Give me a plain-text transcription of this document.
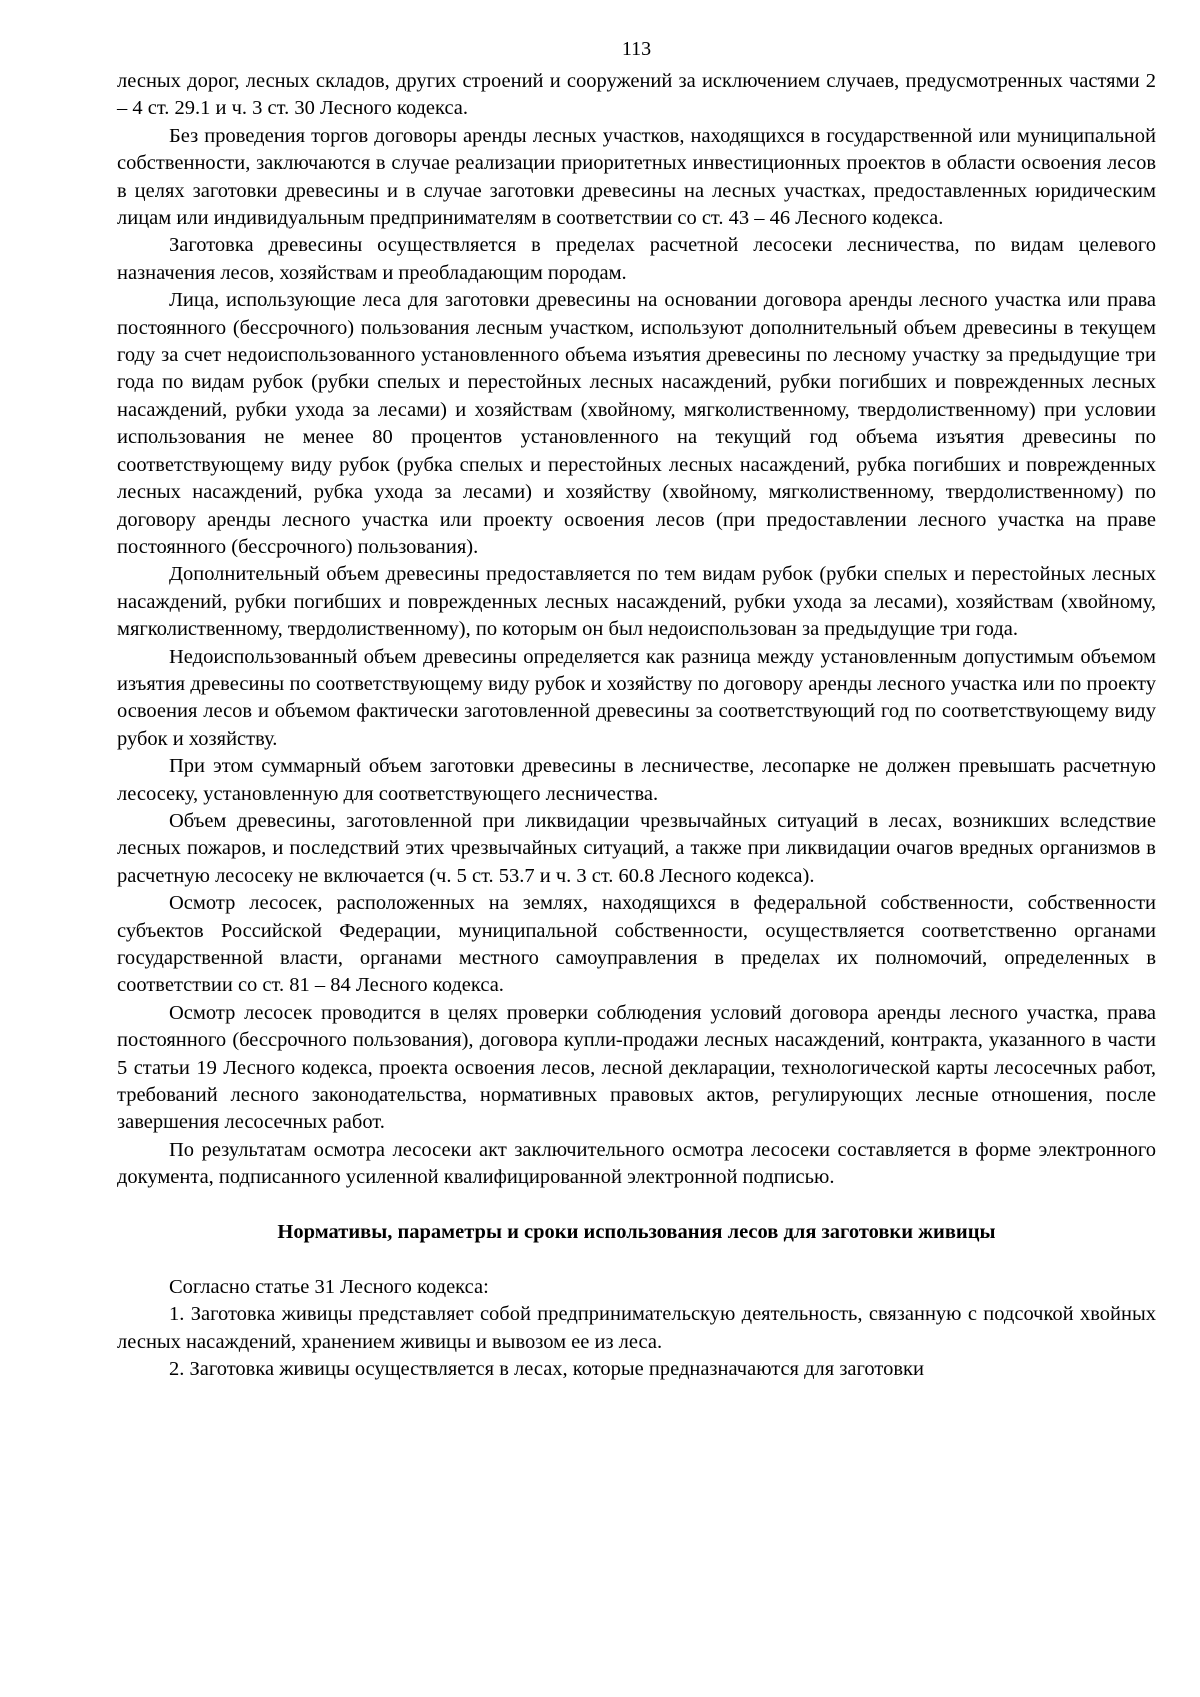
113

лесных дорог, лесных складов, других строений и сооружений за исключением случаев, предусмотренных частями 2 – 4 ст. 29.1 и ч. 3 ст. 30 Лесного кодекса.

Без проведения торгов договоры аренды лесных участков, находящихся в государственной или муниципальной собственности, заключаются в случае реализации приоритетных инвестиционных проектов в области освоения лесов в целях заготовки древесины и в случае заготовки древесины на лесных участках, предоставленных юридическим лицам или индивидуальным предпринимателям в соответствии со ст. 43 – 46 Лесного кодекса.

Заготовка древесины осуществляется в пределах расчетной лесосеки лесничества, по видам целевого назначения лесов, хозяйствам и преобладающим породам.

Лица, использующие леса для заготовки древесины на основании договора аренды лесного участка или права постоянного (бессрочного) пользования лесным участком, используют дополнительный объем древесины в текущем году за счет недоиспользованного установленного объема изъятия древесины по лесному участку за предыдущие три года по видам рубок (рубки спелых и перестойных лесных насаждений, рубки погибших и поврежденных лесных насаждений, рубки ухода за лесами) и хозяйствам (хвойному, мягколиственному, твердолиственному) при условии использования не менее 80 процентов установленного на текущий год объема изъятия древесины по соответствующему виду рубок (рубка спелых и перестойных лесных насаждений, рубка погибших и поврежденных лесных насаждений, рубка ухода за лесами) и хозяйству (хвойному, мягколиственному, твердолиственному) по договору аренды лесного участка или проекту освоения лесов (при предоставлении лесного участка на праве постоянного (бессрочного) пользования).

Дополнительный объем древесины предоставляется по тем видам рубок (рубки спелых и перестойных лесных насаждений, рубки погибших и поврежденных лесных насаждений, рубки ухода за лесами), хозяйствам (хвойному, мягколиственному, твердолиственному), по которым он был недоиспользован за предыдущие три года.

Недоиспользованный объем древесины определяется как разница между установленным допустимым объемом изъятия древесины по соответствующему виду рубок и хозяйству по договору аренды лесного участка или по проекту освоения лесов и объемом фактически заготовленной древесины за соответствующий год по соответствующему виду рубок и хозяйству.

При этом суммарный объем заготовки древесины в лесничестве, лесопарке не должен превышать расчетную лесосеку, установленную для соответствующего лесничества.

Объем древесины, заготовленной при ликвидации чрезвычайных ситуаций в лесах, возникших вследствие лесных пожаров, и последствий этих чрезвычайных ситуаций, а также при ликвидации очагов вредных организмов в расчетную лесосеку не включается (ч. 5 ст. 53.7 и ч. 3 ст. 60.8 Лесного кодекса).

Осмотр лесосек, расположенных на землях, находящихся в федеральной собственности, собственности субъектов Российской Федерации, муниципальной собственности, осуществляется соответственно органами государственной власти, органами местного самоуправления в пределах их полномочий, определенных в соответствии со ст. 81 – 84 Лесного кодекса.

Осмотр лесосек проводится в целях проверки соблюдения условий договора аренды лесного участка, права постоянного (бессрочного пользования), договора купли-продажи лесных насаждений, контракта, указанного в части 5 статьи 19 Лесного кодекса, проекта освоения лесов, лесной декларации, технологической карты лесосечных работ, требований лесного законодательства, нормативных правовых актов, регулирующих лесные отношения, после завершения лесосечных работ.

По результатам осмотра лесосеки акт заключительного осмотра лесосеки составляется в форме электронного документа, подписанного усиленной квалифицированной электронной подписью.

Нормативы, параметры и сроки использования лесов для заготовки живицы

Согласно статье 31 Лесного кодекса:

1. Заготовка живицы представляет собой предпринимательскую деятельность, связанную с подсочкой хвойных лесных насаждений, хранением живицы и вывозом ее из леса.

2. Заготовка живицы осуществляется в лесах, которые предназначаются для заготовки
